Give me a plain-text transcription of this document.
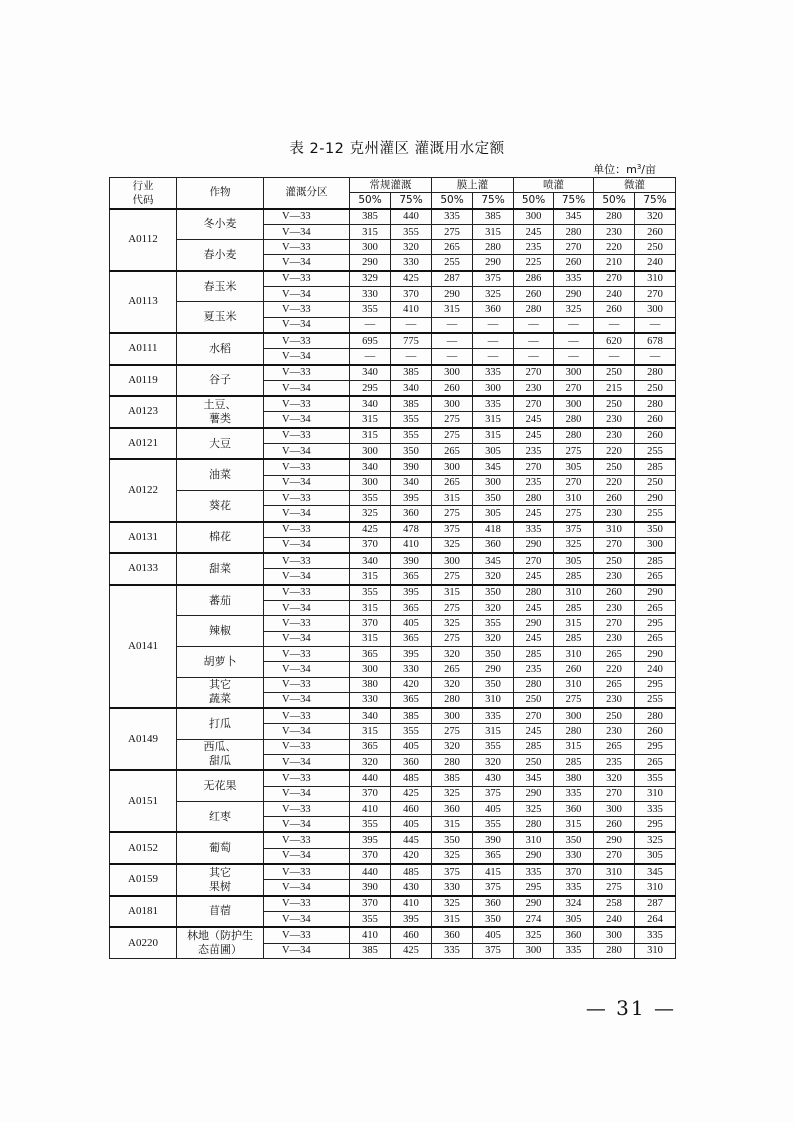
表 2-12 克州灌区 灌溉用水定额
单位：$m^3/$亩
行业
代码	作物	灌溉分区	常规灌溉		膜上灌		喷灌		微灌	
			50%	75%	50%	75%	50%	75%	50%	75%
A0112	冬小麦	V—33	385	440	335	385	300	345	280	320
		V—34	315	355	275	315	245	280	230	260

	春小麦	V—33	300	320	265	280	235	270	220	250
		V—34	290	330	255	290	225	260	210	240
A0113	春玉米	V—33	329	425	287	375	286	335	270	310
		V—34	330	370	290	325	260	290	240	270

	夏玉米	V—33	355	410	315	360	280	325	260	300
		V—34	—	—	—	—	—	—	—	—
A0111	水稻	V—33	695	775	—	—	—	—	620	678
		V—34	—	—	—	—	—	—	—	—
A0119	谷子	V—33	340	385	300	335	270	300	250	280
		V—34	295	340	260	300	230	270	215	250
A0123	土豆、
薯类	V—33	340	385	300	335	270	300	250	280
		V—34	315	355	275	315	245	280	230	260
A0121	大豆	V—33	315	355	275	315	245	280	230	260
		V—34	300	350	265	305	235	275	220	255
A0122	油菜	V—33	340	390	300	345	270	305	250	285
		V—34	300	340	265	300	235	270	220	250

	葵花	V—33	355	395	315	350	280	310	260	290
		V—34	325	360	275	305	245	275	230	255
A0131	棉花	V—33	425	478	375	418	335	375	310	350
		V—34	370	410	325	360	290	325	270	300
A0133	甜菜	V—33	340	390	300	345	270	305	250	285
		V—34	315	365	275	320	245	285	230	265
A0141	蕃茄	V—33	355	395	315	350	280	310	260	290
		V—34	315	365	275	320	245	285	230	265

	辣椒	V—33	370	405	325	355	290	315	270	295
		V—34	315	365	275	320	245	285	230	265

	胡萝卜	V—33	365	395	320	350	285	310	265	290
		V—34	300	330	265	290	235	260	220	240

	其它
蔬菜	V—33	380	420	320	350	280	310	265	295
		V—34	330	365	280	310	250	275	230	255
A0149	打瓜	V—33	340	385	300	335	270	300	250	280
		V—34	315	355	275	315	245	280	230	260

	西瓜、
甜瓜	V—33	365	405	320	355	285	315	265	295
		V—34	320	360	280	320	250	285	235	265
A0151	无花果	V—33	440	485	385	430	345	380	320	355
		V—34	370	425	325	375	290	335	270	310

	红枣	V—33	410	460	360	405	325	360	300	335
		V—34	355	405	315	355	280	315	260	295
A0152	葡萄	V—33	395	445	350	390	310	350	290	325
		V—34	370	420	325	365	290	330	270	305
A0159	其它
果树	V—33	440	485	375	415	335	370	310	345
		V—34	390	430	330	375	295	335	275	310
A0181	苜蓿	V—33	370	410	325	360	290	324	258	287
		V—34	355	395	315	350	274	305	240	264
A0220	林地（防护生
态苗圃）	V—33	410	460	360	405	325	360	300	335
		V—34	385	425	335	375	300	335	280	310
— 31 —
